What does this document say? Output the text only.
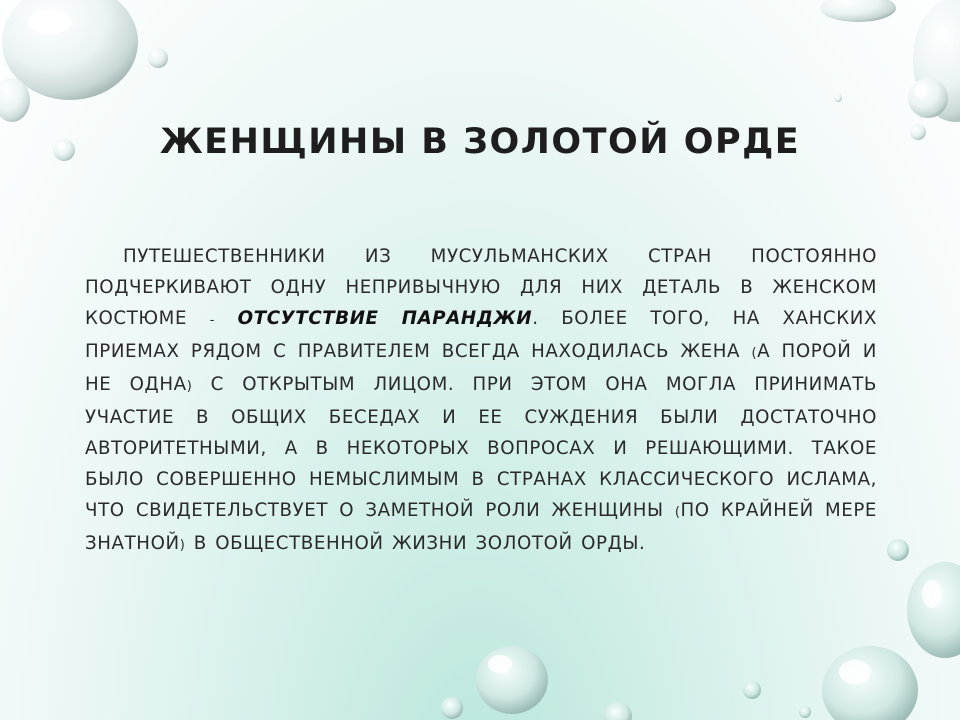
ЖЕНЩИНЫ В ЗОЛОТОЙ ОРДЕ

ПУТЕШЕСТВЕННИКИ ИЗ МУСУЛЬМАНСКИХ СТРАН ПОСТОЯННО ПОДЧЕРКИВАЮТ ОДНУ НЕПРИВЫЧНУЮ ДЛЯ НИХ ДЕТАЛЬ В ЖЕНСКОМ КОСТЮМЕ - ОТСУТСТВИЕ ПАРАНДЖИ. БОЛЕЕ ТОГО, НА ХАНСКИХ ПРИЕМАХ РЯДОМ С ПРАВИТЕЛЕМ ВСЕГДА НАХОДИЛАСЬ ЖЕНА (А ПОРОЙ И НЕ ОДНА) С ОТКРЫТЫМ ЛИЦОМ. ПРИ ЭТОМ ОНА МОГЛА ПРИНИМАТЬ УЧАСТИЕ В ОБЩИХ БЕСЕДАХ И ЕЕ СУЖДЕНИЯ БЫЛИ ДОСТАТОЧНО АВТОРИТЕТНЫМИ, А В НЕКОТОРЫХ ВОПРОСАХ И РЕШАЮЩИМИ. ТАКОЕ БЫЛО СОВЕРШЕННО НЕМЫСЛИМЫМ В СТРАНАХ КЛАССИЧЕСКОГО ИСЛАМА, ЧТО СВИДЕТЕЛЬСТВУЕТ О ЗАМЕТНОЙ РОЛИ ЖЕНЩИНЫ (ПО КРАЙНЕЙ МЕРЕ ЗНАТНОЙ) В ОБЩЕСТВЕННОЙ ЖИЗНИ ЗОЛОТОЙ ОРДЫ.
